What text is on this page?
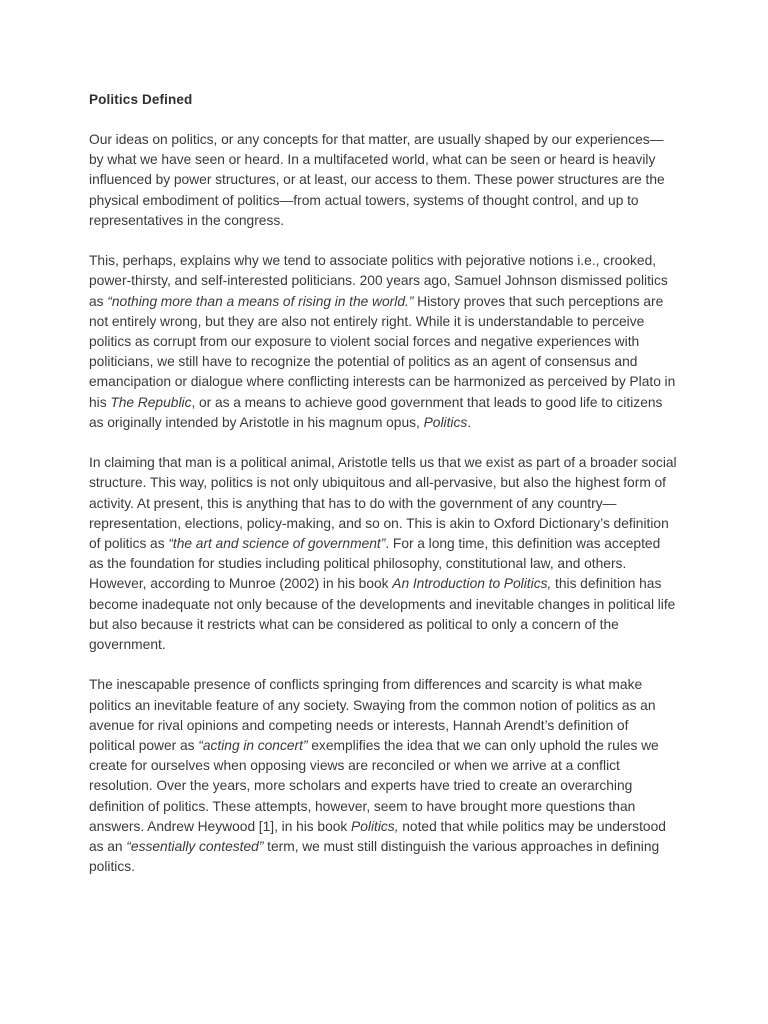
Politics Defined

Our ideas on politics, or any concepts for that matter, are usually shaped by our experiences—by what we have seen or heard. In a multifaceted world, what can be seen or heard is heavily influenced by power structures, or at least, our access to them. These power structures are the physical embodiment of politics—from actual towers, systems of thought control, and up to representatives in the congress.

This, perhaps, explains why we tend to associate politics with pejorative notions i.e., crooked, power-thirsty, and self-interested politicians. 200 years ago, Samuel Johnson dismissed politics as “nothing more than a means of rising in the world.” History proves that such perceptions are not entirely wrong, but they are also not entirely right. While it is understandable to perceive politics as corrupt from our exposure to violent social forces and negative experiences with politicians, we still have to recognize the potential of politics as an agent of consensus and emancipation or dialogue where conflicting interests can be harmonized as perceived by Plato in his The Republic, or as a means to achieve good government that leads to good life to citizens as originally intended by Aristotle in his magnum opus, Politics.

In claiming that man is a political animal, Aristotle tells us that we exist as part of a broader social structure. This way, politics is not only ubiquitous and all-pervasive, but also the highest form of activity. At present, this is anything that has to do with the government of any country—representation, elections, policy-making, and so on. This is akin to Oxford Dictionary’s definition of politics as “the art and science of government”. For a long time, this definition was accepted as the foundation for studies including political philosophy, constitutional law, and others. However, according to Munroe (2002) in his book An Introduction to Politics, this definition has become inadequate not only because of the developments and inevitable changes in political life but also because it restricts what can be considered as political to only a concern of the government.

The inescapable presence of conflicts springing from differences and scarcity is what make politics an inevitable feature of any society. Swaying from the common notion of politics as an avenue for rival opinions and competing needs or interests, Hannah Arendt’s definition of political power as “acting in concert” exemplifies the idea that we can only uphold the rules we create for ourselves when opposing views are reconciled or when we arrive at a conflict resolution. Over the years, more scholars and experts have tried to create an overarching definition of politics. These attempts, however, seem to have brought more questions than answers. Andrew Heywood [1], in his book Politics, noted that while politics may be understood as an “essentially contested” term, we must still distinguish the various approaches in defining politics.
